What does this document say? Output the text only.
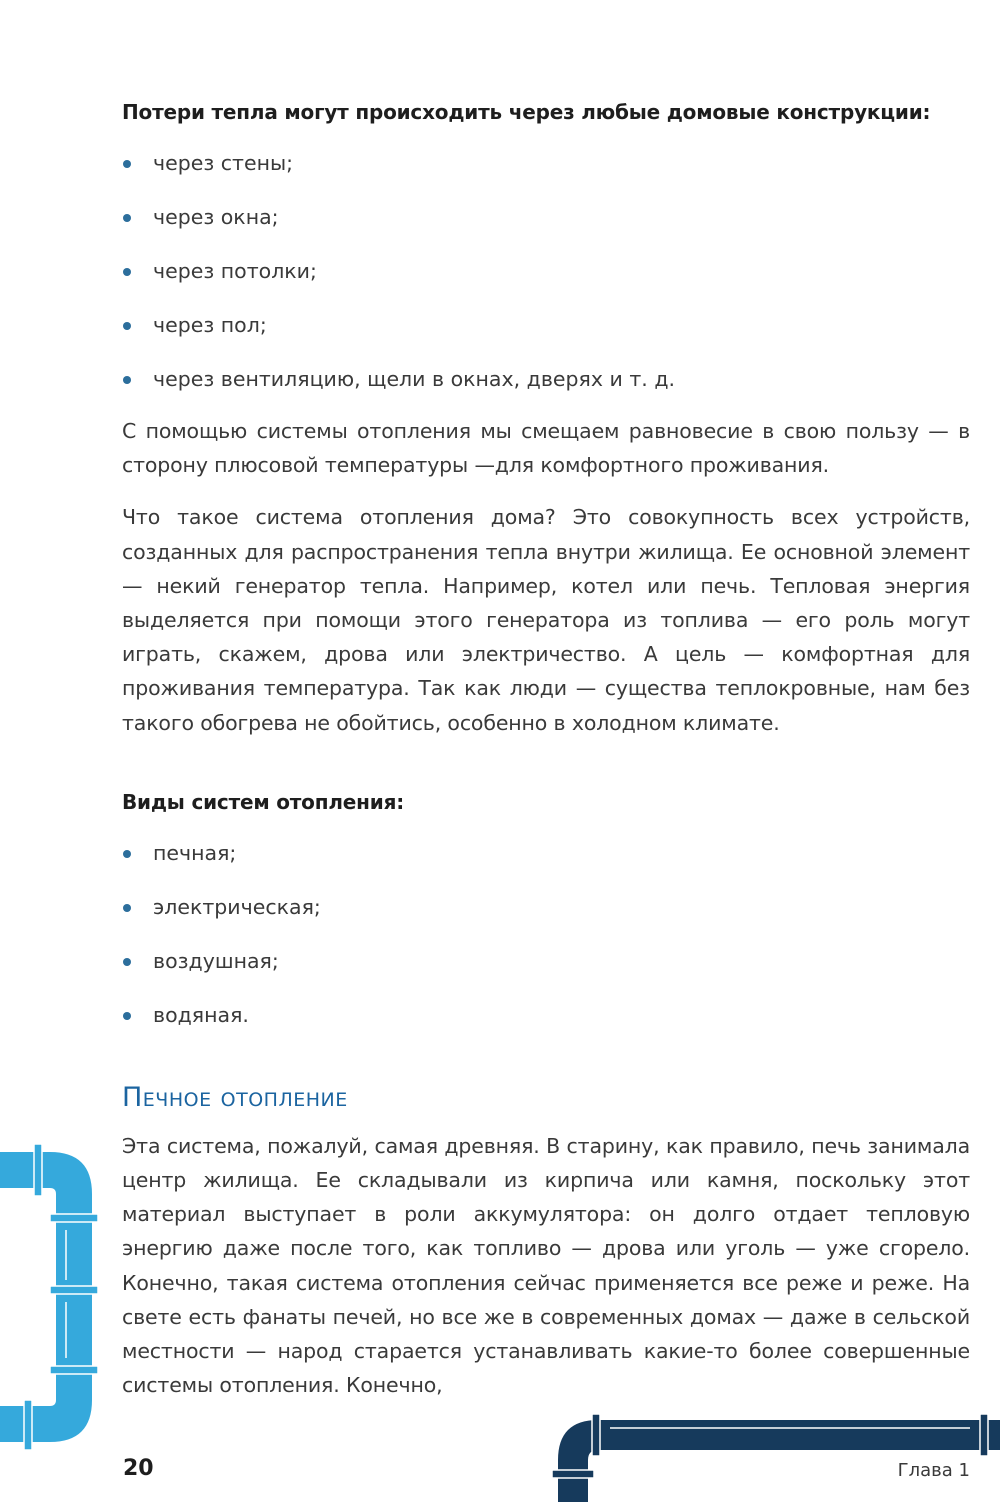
Потери тепла могут происходить через любые домовые конструкции:

через стены;
через окна;
через потолки;
через пол;
через вентиляцию, щели в окнах, дверях и т. д.

С помощью системы отопления мы смещаем равновесие в свою пользу — в сторону плюсовой температуры —для комфортного проживания.

Что такое система отопления дома? Это совокупность всех устройств, созданных для распространения тепла внутри жилища. Ее основной элемент — некий генератор тепла. Например, котел или печь. Тепловая энергия выделяется при помощи этого генератора из топлива — его роль могут играть, скажем, дрова или электричество. А цель — комфортная для проживания температура. Так как люди — существа теплокровные, нам без такого обогрева не обойтись, особенно в холодном климате.

Виды систем отопления:

печная;
электрическая;
воздушная;
водяная.
Печное отопление

Эта система, пожалуй, самая древняя. В старину, как правило, печь занимала центр жилища. Ее складывали из кирпича или камня, поскольку этот материал выступает в роли аккумулятора: он долго отдает тепловую энергию даже после того, как топливо — дрова или уголь — уже сгорело. Конечно, такая система отопления сейчас применяется все реже и реже. На свете есть фанаты печей, но все же в современных домах — даже в сельской местности — народ старается устанавливать какие-то более совершенные системы отопления. Конечно,

20	Глава 1
